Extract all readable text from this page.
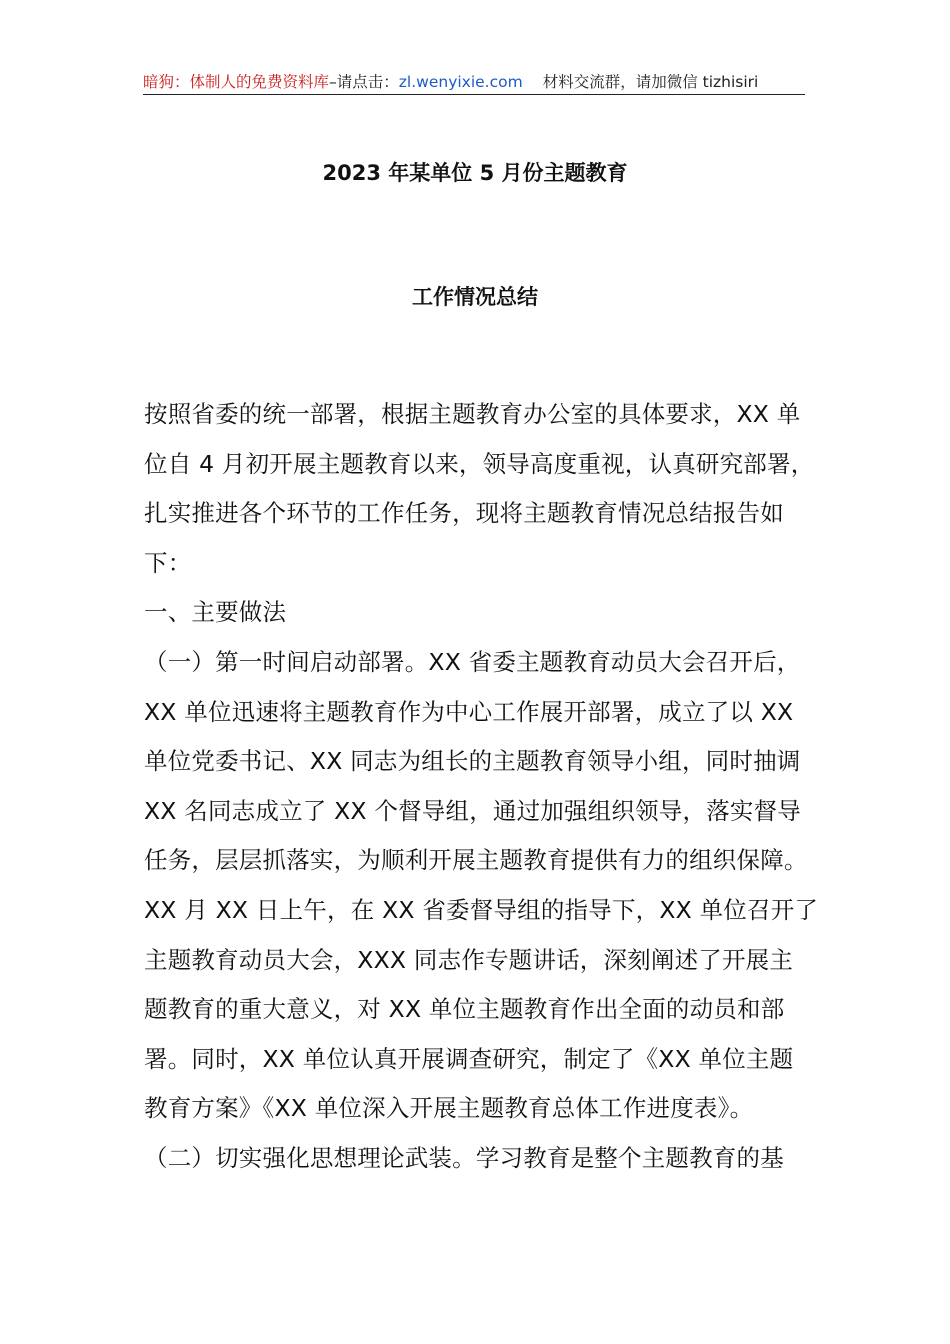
暗狗：体制人的免费资料库–请点击：zl.wenyixie.com 材料交流群，请加微信 tizhisiri
2023 年某单位 5 月份主题教育
工作情况总结
按照省委的统一部署，根据主题教育办公室的具体要求，XX 单
位自 4 月初开展主题教育以来，领导高度重视，认真研究部署，
扎实推进各个环节的工作任务，现将主题教育情况总结报告如
下：
一、主要做法
（一）第一时间启动部署。XX 省委主题教育动员大会召开后，
XX 单位迅速将主题教育作为中心工作展开部署，成立了以 XX
单位党委书记、XX 同志为组长的主题教育领导小组，同时抽调
XX 名同志成立了 XX 个督导组，通过加强组织领导，落实督导
任务，层层抓落实，为顺利开展主题教育提供有力的组织保障。
XX 月 XX 日上午，在 XX 省委督导组的指导下，XX 单位召开了
主题教育动员大会，XXX 同志作专题讲话，深刻阐述了开展主
题教育的重大意义，对 XX 单位主题教育作出全面的动员和部
署。同时，XX 单位认真开展调查研究，制定了《XX 单位主题
教育方案》《XX 单位深入开展主题教育总体工作进度表》。
（二）切实强化思想理论武装。学习教育是整个主题教育的基
